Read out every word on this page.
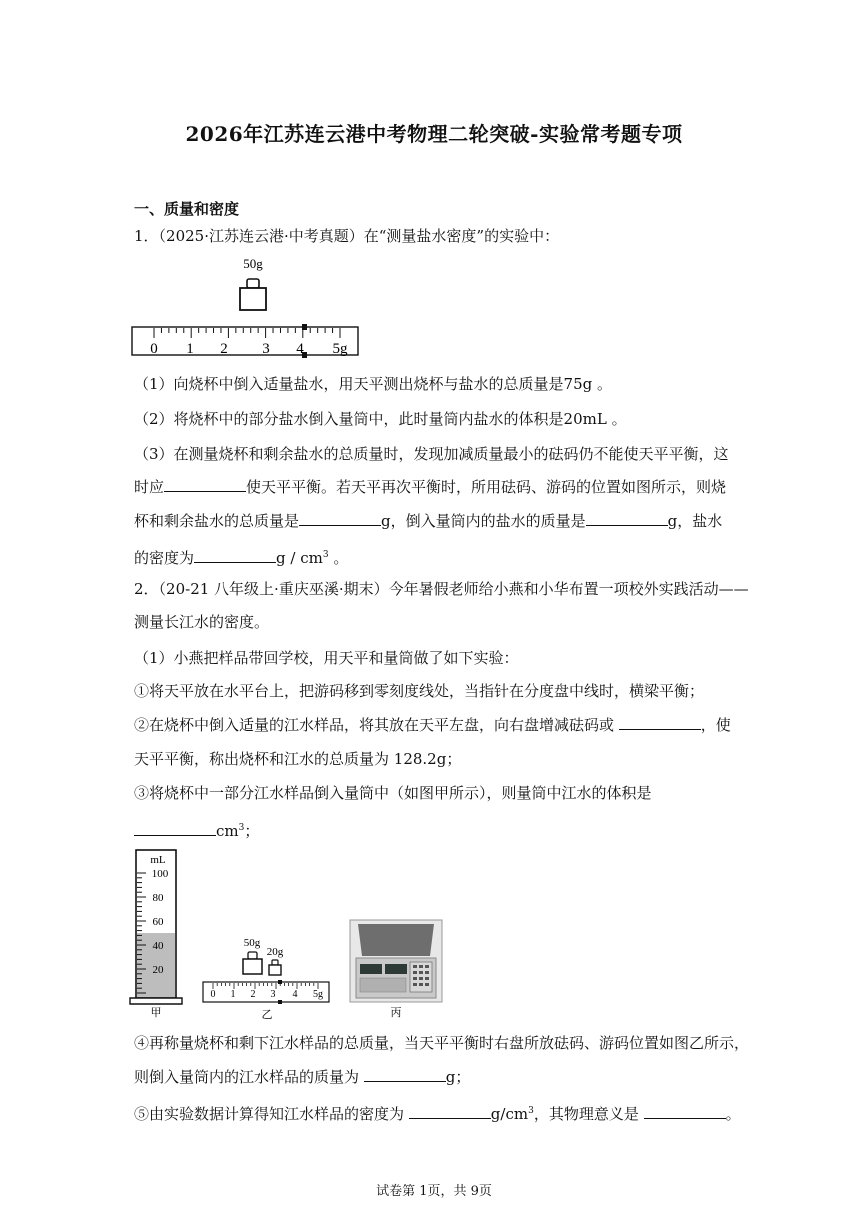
2026年江苏连云港中考物理二轮突破-实验常考题专项
一、质量和密度
1．（2025·江苏连云港·中考真题）在“测量盐水密度”的实验中：
50g
0 1 2 3 4 5g
（1）向烧杯中倒入适量盐水，用天平测出烧杯与盐水的总质量是75g 。
（2）将烧杯中的部分盐水倒入量筒中，此时量筒内盐水的体积是20mL 。
（3）在测量烧杯和剩余盐水的总质量时，发现加减质量最小的砝码仍不能使天平平衡，这
时应	使天平平衡。若天平再次平衡时，所用砝码、游码的位置如图所示，则烧
杯和剩余盐水的总质量是	g，倒入量筒内的盐水的质量是	g，盐水
的密度为	g / $cm^3$ 。
2．（20-21 八年级上·重庆巫溪·期末）今年暑假老师给小燕和小华布置一项校外实践活动——
测量长江水的密度。
（1）小燕把样品带回学校，用天平和量筒做了如下实验：
①将天平放在水平台上，把游码移到零刻度线处，当指针在分度盘中线时，横梁平衡；
②在烧杯中倒入适量的江水样品，将其放在天平左盘，向右盘增减砝码或	，使
天平平衡，称出烧杯和江水的总质量为 128.2g；
③将烧杯中一部分江水样品倒入量筒中（如图甲所示），则量筒中江水的体积是
$cm^3$；
mL
100
80
60
40
20
甲
50g
20g
0 1 2 3 4 5g
乙	丙
④再称量烧杯和剩下江水样品的总质量，当天平平衡时右盘所放砝码、游码位置如图乙所示，
则倒入量筒内的江水样品的质量为	g；
⑤由实验数据计算得知江水样品的密度为	$g/cm^3$，其物理意义是	。
试卷第 1页，共 9页
